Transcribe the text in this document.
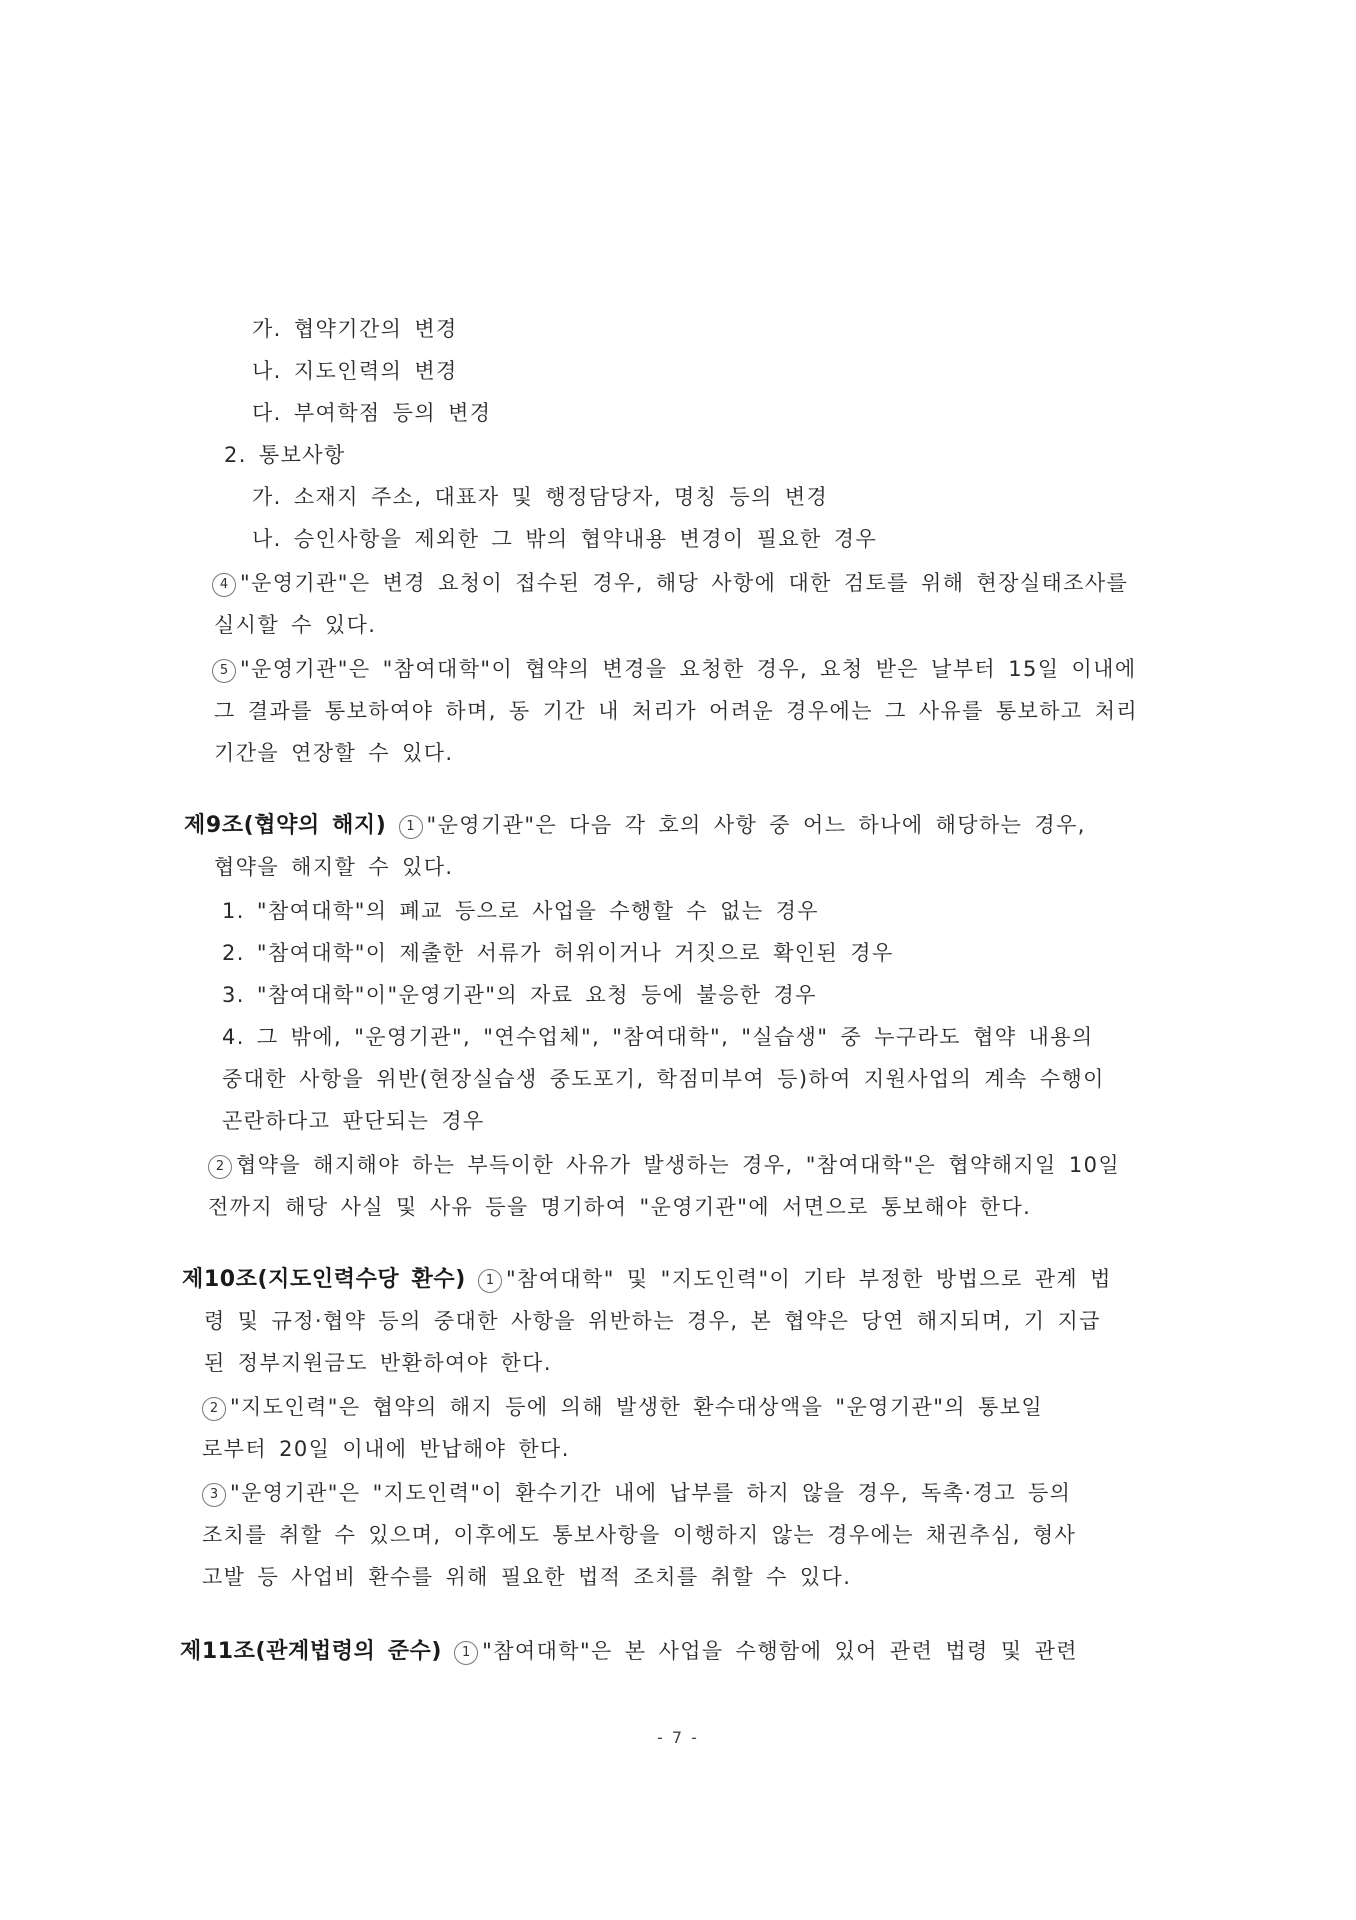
가. 협약기간의 변경
나. 지도인력의 변경
다. 부여학점 등의 변경
2. 통보사항
가. 소재지 주소, 대표자 및 행정담당자, 명칭 등의 변경
나. 승인사항을 제외한 그 밖의 협약내용 변경이 필요한 경우
4 "운영기관"은 변경 요청이 접수된 경우, 해당 사항에 대한 검토를 위해 현장실태조사를
실시할 수 있다.
5 "운영기관"은 "참여대학"이 협약의 변경을 요청한 경우, 요청 받은 날부터 15일 이내에
그 결과를 통보하여야 하며, 동 기간 내 처리가 어려운 경우에는 그 사유를 통보하고 처리
기간을 연장할 수 있다.
제9조(협약의 해지) 1 "운영기관"은 다음 각 호의 사항 중 어느 하나에 해당하는 경우,
협약을 해지할 수 있다.
1. "참여대학"의 폐교 등으로 사업을 수행할 수 없는 경우
2. "참여대학"이 제출한 서류가 허위이거나 거짓으로 확인된 경우
3. "참여대학"이"운영기관"의 자료 요청 등에 불응한 경우
4. 그 밖에, "운영기관", "연수업체", "참여대학", "실습생" 중 누구라도 협약 내용의
중대한 사항을 위반(현장실습생 중도포기, 학점미부여 등)하여 지원사업의 계속 수행이
곤란하다고 판단되는 경우
2 협약을 해지해야 하는 부득이한 사유가 발생하는 경우, "참여대학"은 협약해지일 10일
전까지 해당 사실 및 사유 등을 명기하여 "운영기관"에 서면으로 통보해야 한다.
제10조(지도인력수당 환수) 1 "참여대학" 및 "지도인력"이 기타 부정한 방법으로 관계 법
령 및 규정·협약 등의 중대한 사항을 위반하는 경우, 본 협약은 당연 해지되며, 기 지급
된 정부지원금도 반환하여야 한다.
2 "지도인력"은 협약의 해지 등에 의해 발생한 환수대상액을 "운영기관"의 통보일
로부터 20일 이내에 반납해야 한다.
3 "운영기관"은 "지도인력"이 환수기간 내에 납부를 하지 않을 경우, 독촉·경고 등의
조치를 취할 수 있으며, 이후에도 통보사항을 이행하지 않는 경우에는 채권추심, 형사
고발 등 사업비 환수를 위해 필요한 법적 조치를 취할 수 있다.
제11조(관계법령의 준수) 1 "참여대학"은 본 사업을 수행함에 있어 관련 법령 및 관련
- 7 -
